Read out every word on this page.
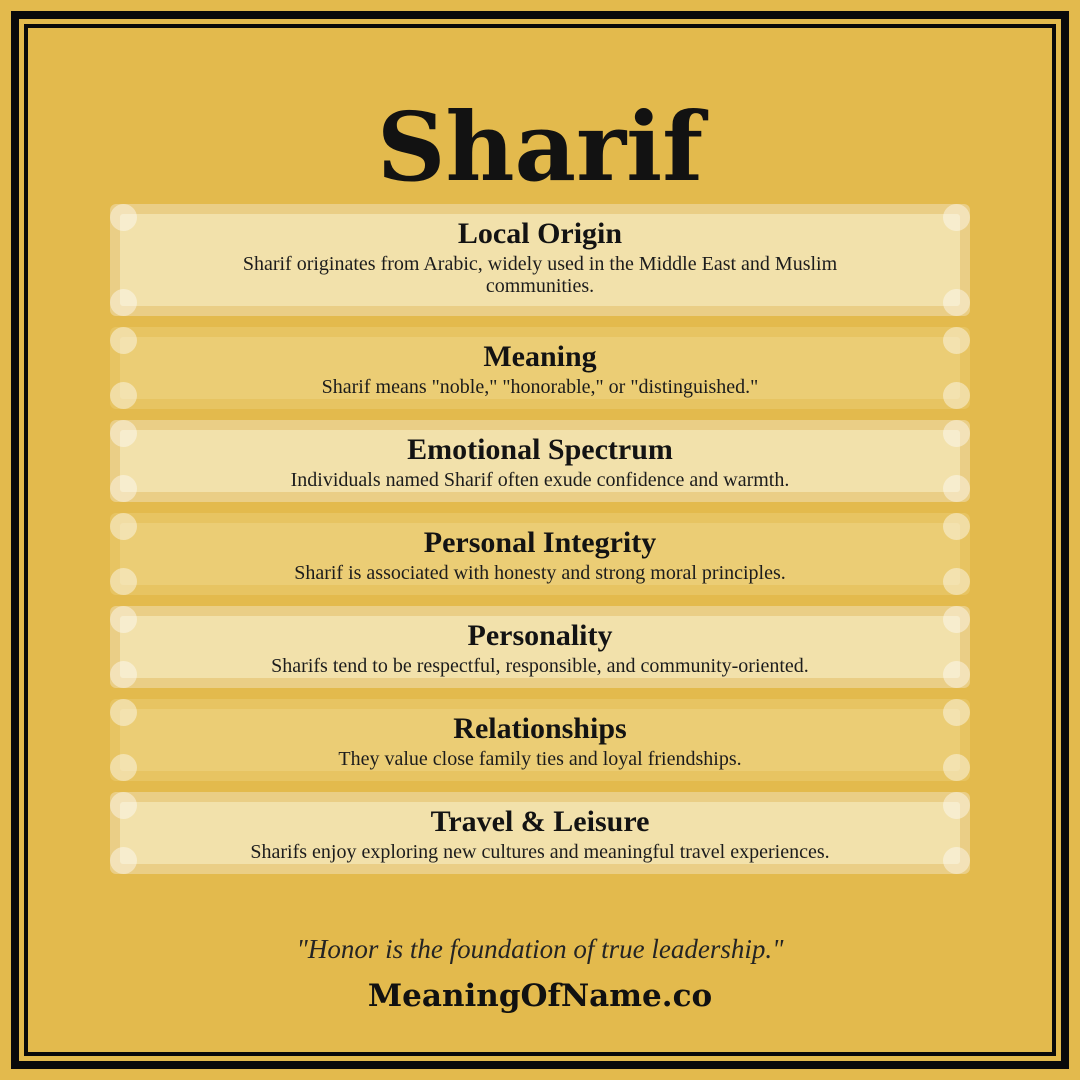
Sharif
Local Origin

Sharif originates from Arabic, widely used in the Middle East and Muslim communities.

Meaning

Sharif means "noble," "honorable," or "distinguished."

Emotional Spectrum

Individuals named Sharif often exude confidence and warmth.

Personal Integrity

Sharif is associated with honesty and strong moral principles.

Personality

Sharifs tend to be respectful, responsible, and community-oriented.

Relationships

They value close family ties and loyal friendships.

Travel & Leisure

Sharifs enjoy exploring new cultures and meaningful travel experiences.

"Honor is the foundation of true leadership."
MeaningOfName.co
